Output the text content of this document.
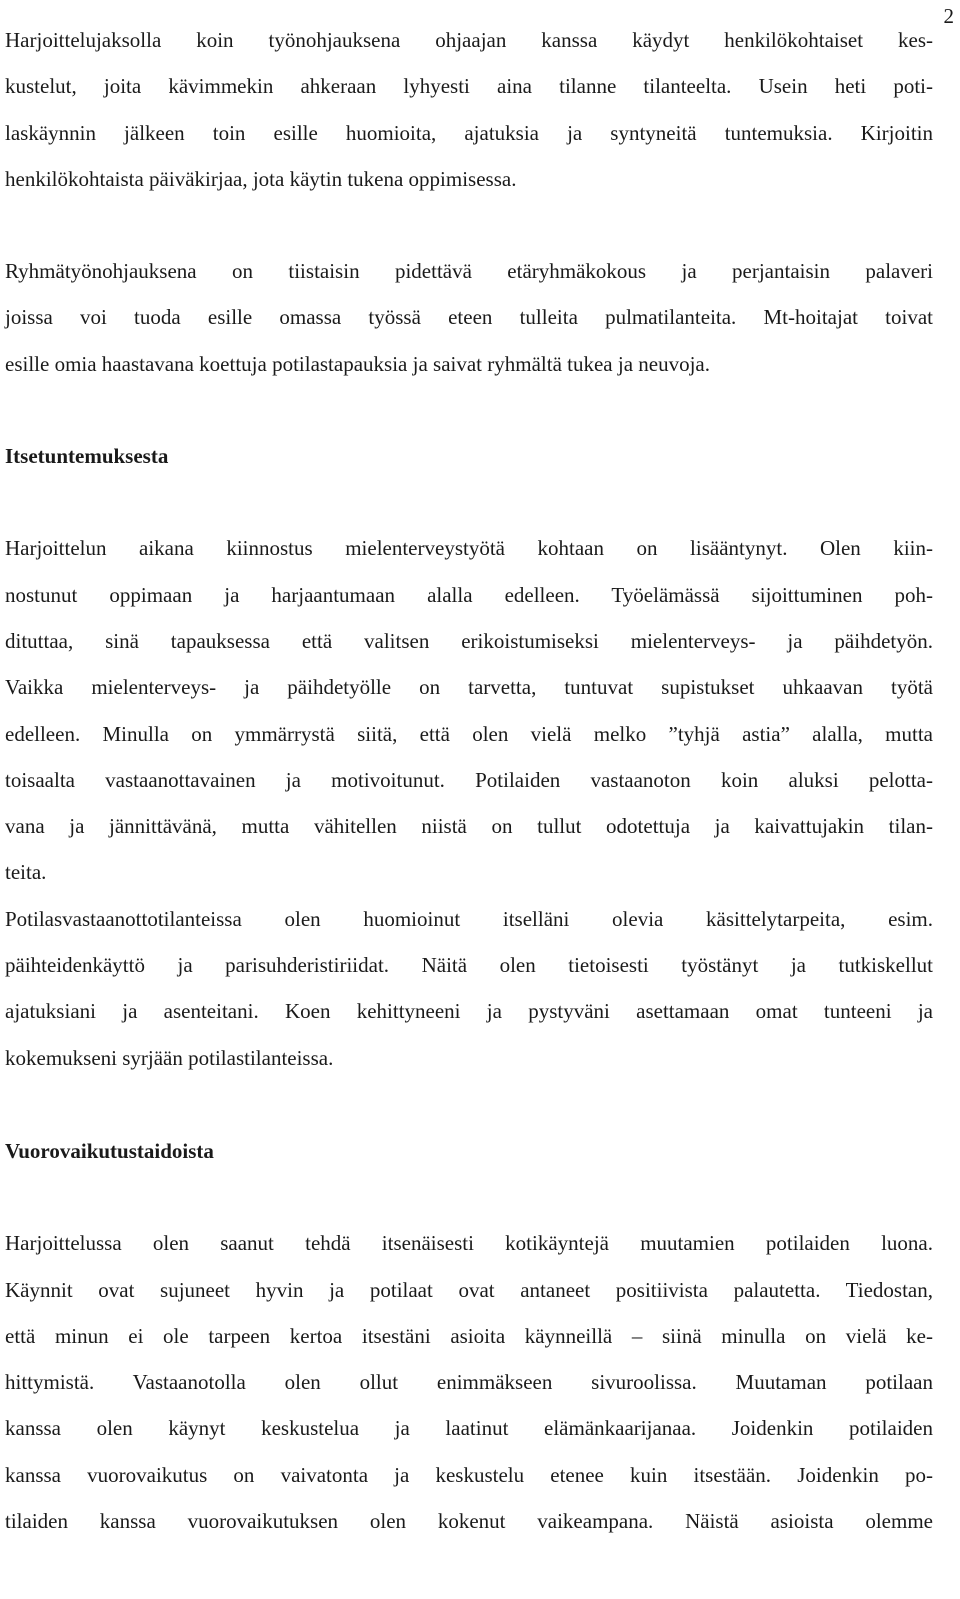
2

Harjoittelujaksolla koin työnohjauksena ohjaajan kanssa käydyt henkilökohtaiset kes-

kustelut, joita kävimmekin ahkeraan lyhyesti aina tilanne tilanteelta. Usein heti poti-

laskäynnin jälkeen toin esille huomioita, ajatuksia ja syntyneitä tuntemuksia. Kirjoitin

henkilökohtaista päiväkirjaa, jota käytin tukena oppimisessa.

Ryhmätyönohjauksena on tiistaisin pidettävä etäryhmäkokous ja perjantaisin palaveri

joissa voi tuoda esille omassa työssä eteen tulleita pulmatilanteita. Mt-hoitajat toivat

esille omia haastavana koettuja potilastapauksia ja saivat ryhmältä tukea ja neuvoja.

Itsetuntemuksesta

Harjoittelun aikana kiinnostus mielenterveystyötä kohtaan on lisääntynyt. Olen kiin-

nostunut oppimaan ja harjaantumaan alalla edelleen. Työelämässä sijoittuminen poh-

dituttaa, sinä tapauksessa että valitsen erikoistumiseksi mielenterveys- ja päihdetyön.

Vaikka mielenterveys- ja päihdetyölle on tarvetta, tuntuvat supistukset uhkaavan työtä

edelleen. Minulla on ymmärrystä siitä, että olen vielä melko ”tyhjä astia” alalla, mutta

toisaalta vastaanottavainen ja motivoitunut. Potilaiden vastaanoton koin aluksi pelotta-

vana ja jännittävänä, mutta vähitellen niistä on tullut odotettuja ja kaivattujakin tilan-

teita.

Potilasvastaanottotilanteissa olen huomioinut itselläni olevia käsittelytarpeita, esim.

päihteidenkäyttö ja parisuhderistiriidat. Näitä olen tietoisesti työstänyt ja tutkiskellut

ajatuksiani ja asenteitani. Koen kehittyneeni ja pystyväni asettamaan omat tunteeni ja

kokemukseni syrjään potilastilanteissa.

Vuorovaikutustaidoista

Harjoittelussa olen saanut tehdä itsenäisesti kotikäyntejä muutamien potilaiden luona.

Käynnit ovat sujuneet hyvin ja potilaat ovat antaneet positiivista palautetta. Tiedostan,

että minun ei ole tarpeen kertoa itsestäni asioita käynneillä – siinä minulla on vielä ke-

hittymistä. Vastaanotolla olen ollut enimmäkseen sivuroolissa. Muutaman potilaan

kanssa olen käynyt keskustelua ja laatinut elämänkaarijanaa. Joidenkin potilaiden

kanssa vuorovaikutus on vaivatonta ja keskustelu etenee kuin itsestään. Joidenkin po-

tilaiden kanssa vuorovaikutuksen olen kokenut vaikeampana. Näistä asioista olemme
